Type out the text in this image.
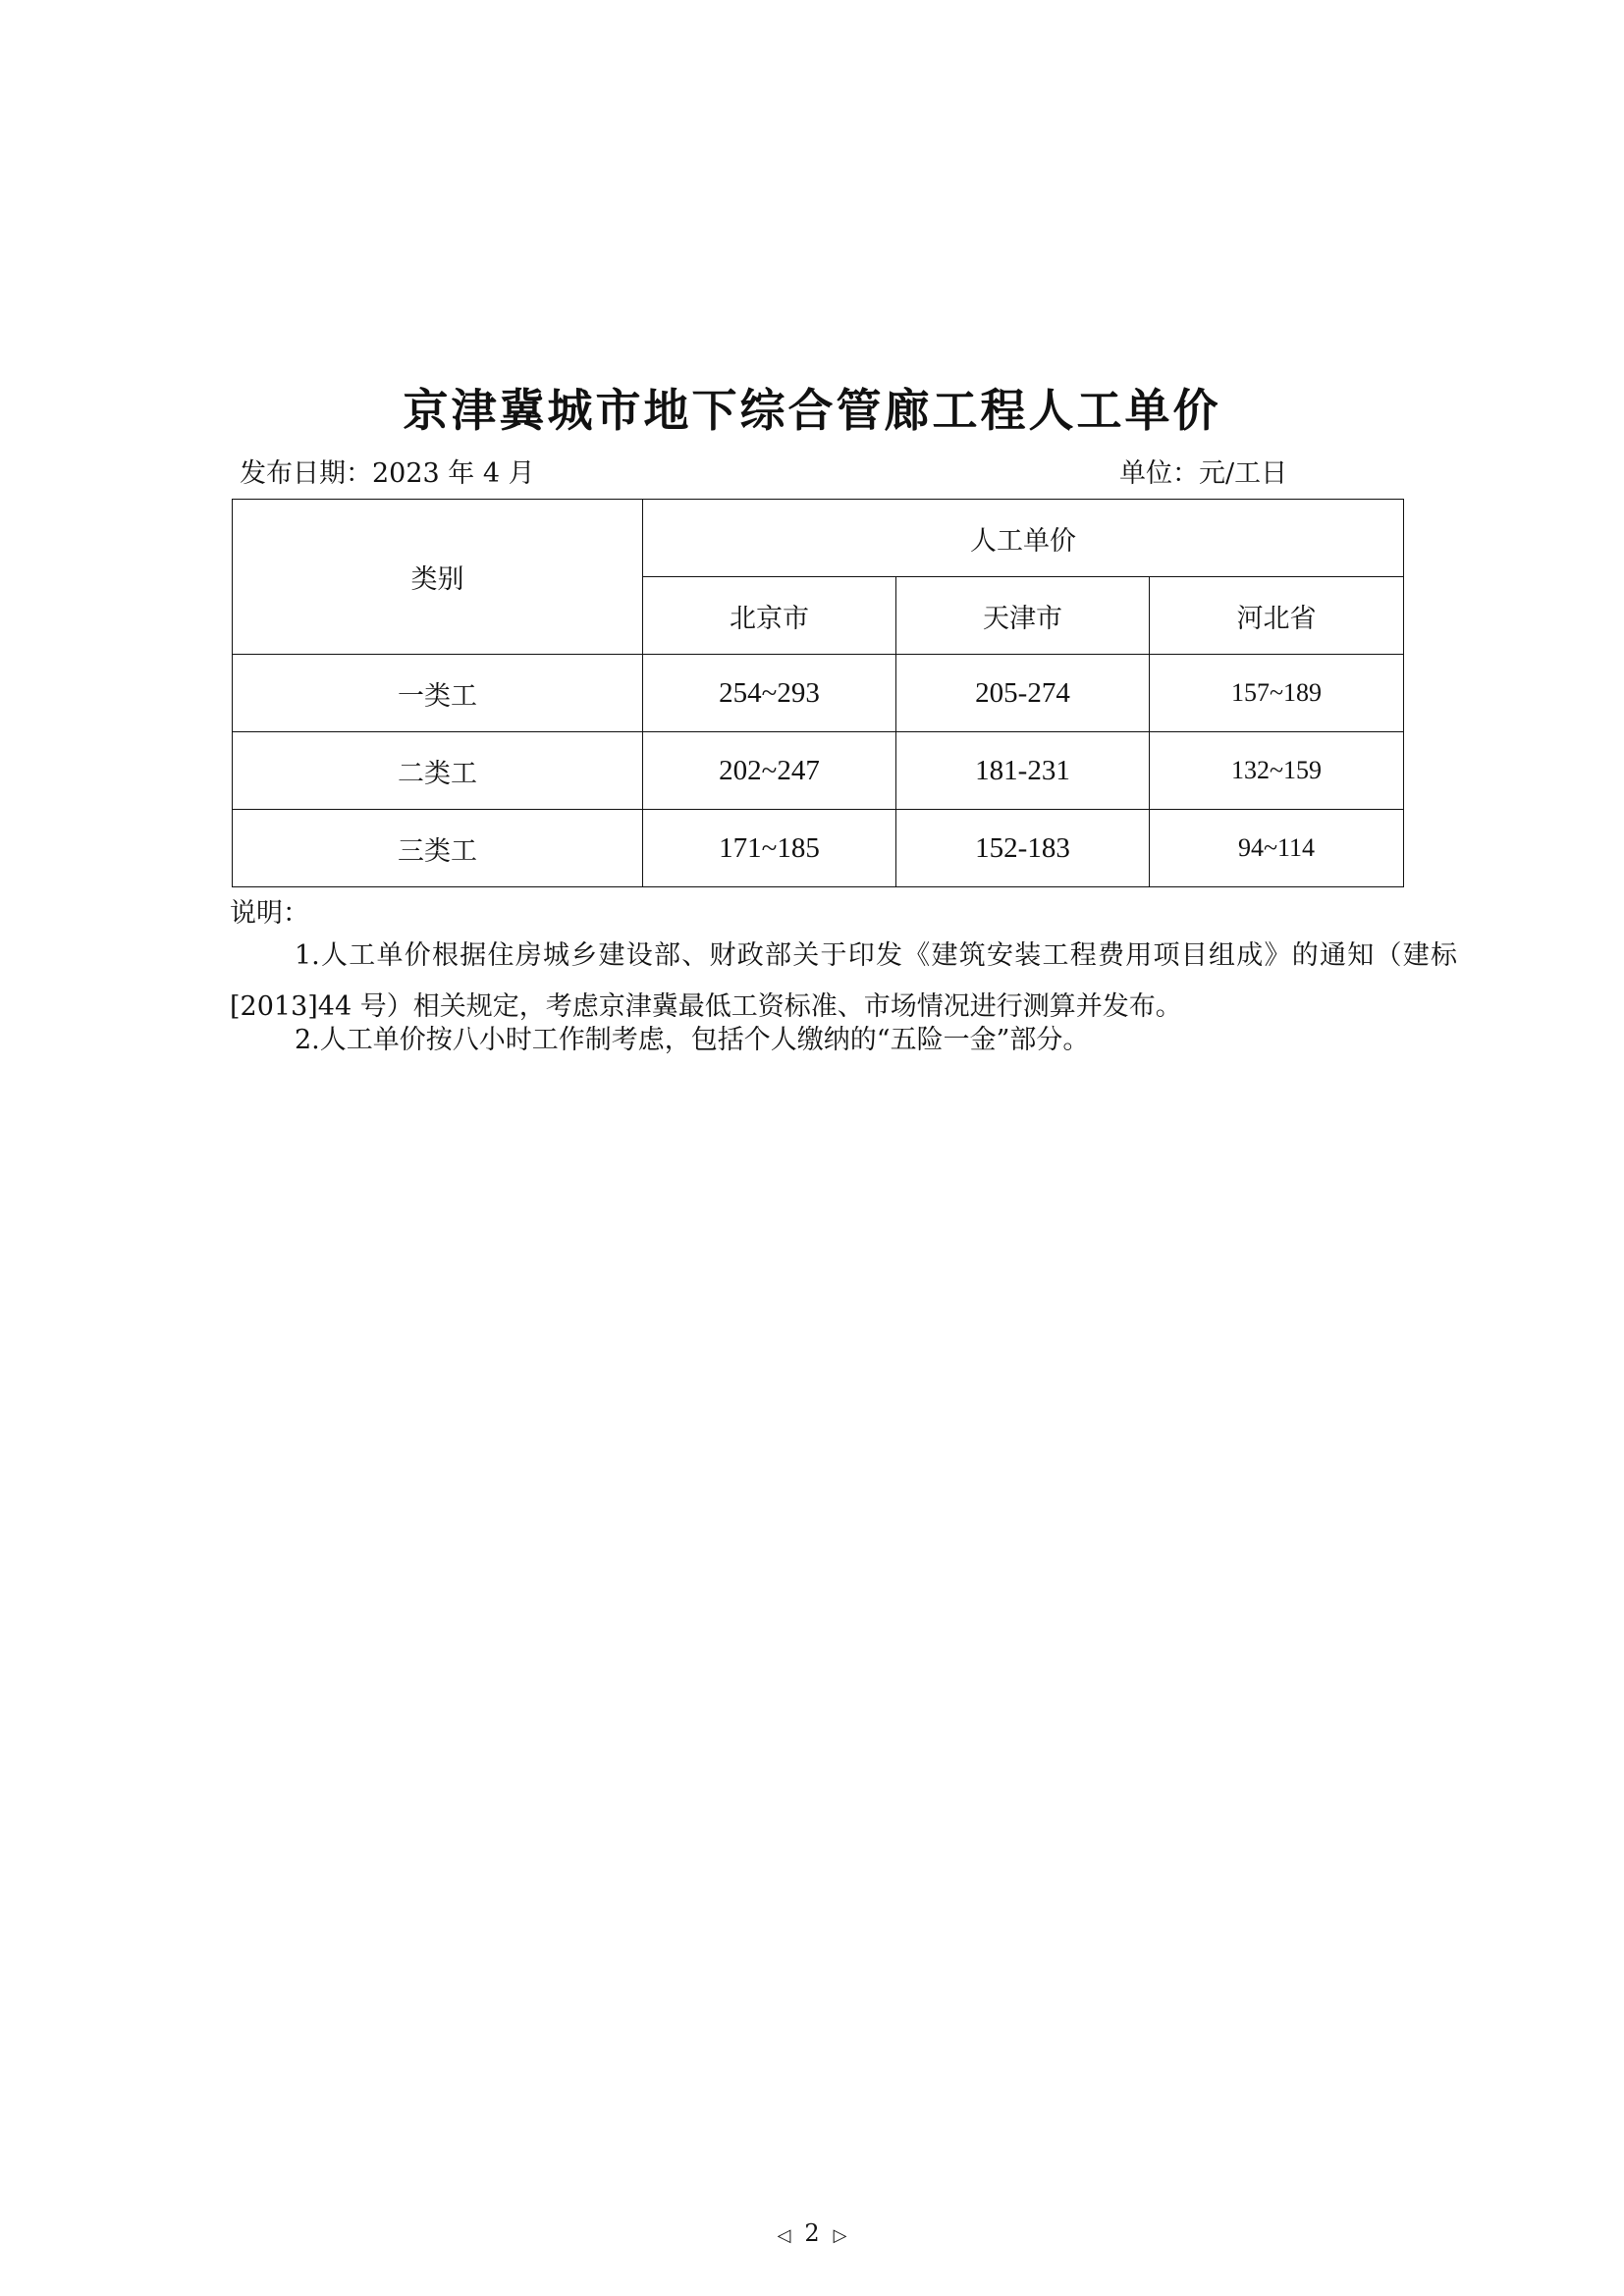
京津冀城市地下综合管廊工程人工单价
发布日期：2023 年 4 月	单位：元/工日
类别	人工单价		
	北京市	天津市	河北省
一类工	254~293	205-274	157~189
二类工	202~247	181-231	132~159
三类工	171~185	152-183	94~114
说明：
1.人工单价根据住房城乡建设部、财政部关于印发《建筑安装工程费用项目组成》的通知（建标[2013]44 号）相关规定，考虑京津冀最低工资标准、市场情况进行测算并发布。
2.人工单价按八小时工作制考虑，包括个人缴纳的“五险一金”部分。
◁ 2 ▷
